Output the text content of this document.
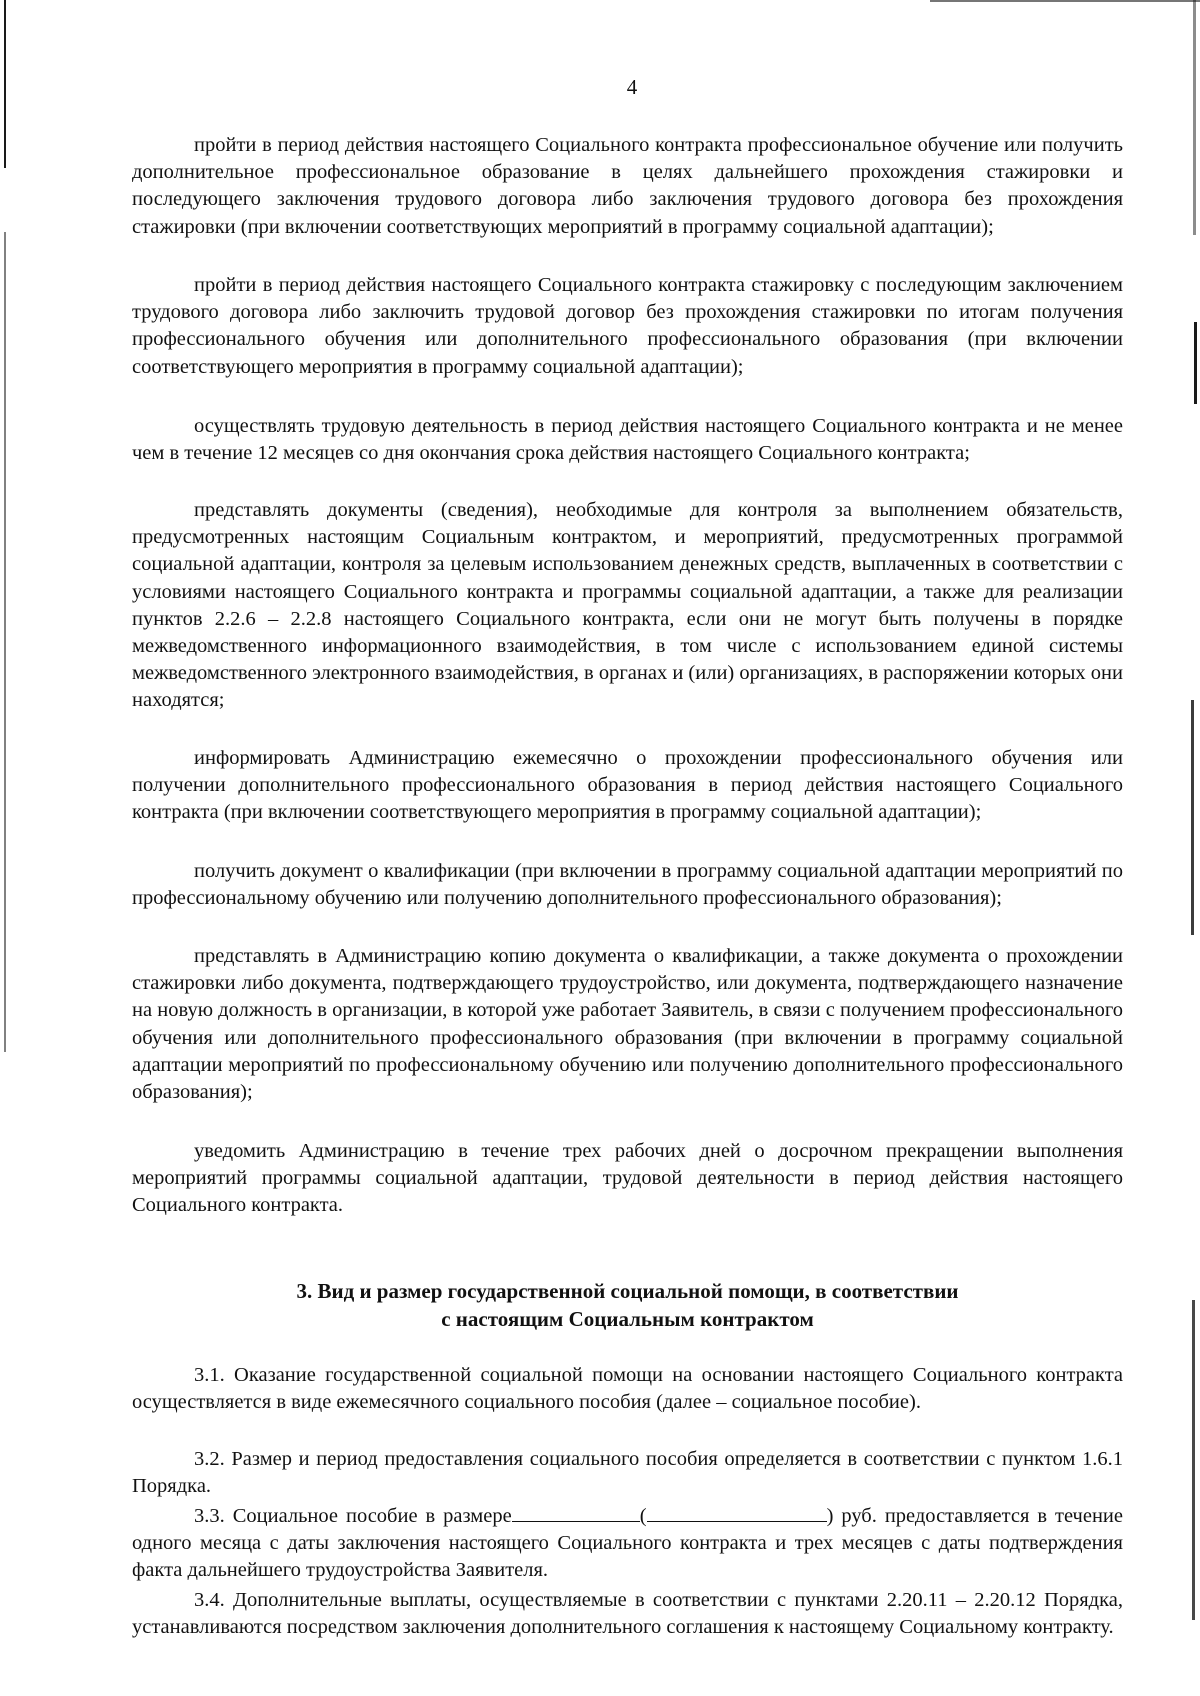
4

пройти в период действия настоящего Социального контракта профессиональное обучение или получить дополнительное профессиональное образование в целях дальнейшего прохождения стажировки и последующего заключения трудового договора либо заключения трудового договора без прохождения стажировки (при включении соответствующих мероприятий в программу социальной адаптации);

пройти в период действия настоящего Социального контракта стажировку с последующим заключением трудового договора либо заключить трудовой договор без прохождения стажировки по итогам получения профессионального обучения или дополнительного профессионального образования (при включении соответствующего мероприятия в программу социальной адаптации);

осуществлять трудовую деятельность в период действия настоящего Социального контракта и не менее чем в течение 12 месяцев со дня окончания срока действия настоящего Социального контракта;

представлять документы (сведения), необходимые для контроля за выполнением обязательств, предусмотренных настоящим Социальным контрактом, и мероприятий, предусмотренных программой социальной адаптации, контроля за целевым использованием денежных средств, выплаченных в соответствии с условиями настоящего Социального контракта и программы социальной адаптации, а также для реализации пунктов 2.2.6 – 2.2.8 настоящего Социального контракта, если они не могут быть получены в порядке межведомственного информационного взаимодействия, в том числе с использованием единой системы межведомственного электронного взаимодействия, в органах и (или) организациях, в распоряжении которых они находятся;

информировать Администрацию ежемесячно о прохождении профессионального обучения или получении дополнительного профессионального образования в период действия настоящего Социального контракта (при включении соответствующего мероприятия в программу социальной адаптации);

получить документ о квалификации (при включении в программу социальной адаптации мероприятий по профессиональному обучению или получению дополнительного профессионального образования);

представлять в Администрацию копию документа о квалификации, а также документа о прохождении стажировки либо документа, подтверждающего трудоустройство, или документа, подтверждающего назначение на новую должность в организации, в которой уже работает Заявитель, в связи с получением профессионального обучения или дополнительного профессионального образования (при включении в программу социальной адаптации мероприятий по профессиональному обучению или получению дополнительного профессионального образования);

уведомить Администрацию в течение трех рабочих дней о досрочном прекращении выполнения мероприятий программы социальной адаптации, трудовой деятельности в период действия настоящего Социального контракта.

3. Вид и размер государственной социальной помощи, в соответствии
с настоящим Социальным контрактом

3.1. Оказание государственной социальной помощи на основании настоящего Социального контракта осуществляется в виде ежемесячного социального пособия (далее – социальное пособие).

3.2. Размер и период предоставления социального пособия определяется в соответствии с пунктом 1.6.1 Порядка.

3.3. Социальное пособие в размере	(	) руб. предоставляется в течение одного месяца с даты заключения настоящего Социального контракта и трех месяцев с даты подтверждения факта дальнейшего трудоустройства Заявителя.

3.4. Дополнительные выплаты, осуществляемые в соответствии с пунктами 2.20.11 – 2.20.12 Порядка, устанавливаются посредством заключения дополнительного соглашения к настоящему Социальному контракту.
